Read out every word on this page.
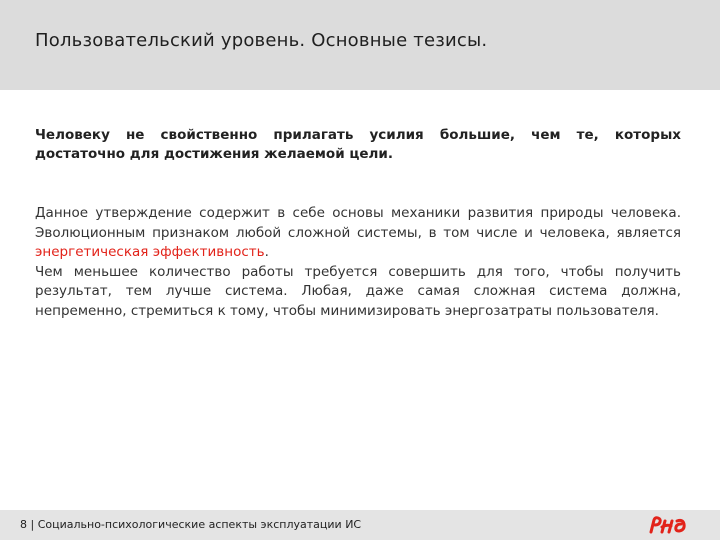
Пользовательский уровень. Основные тезисы.
Человеку не свойственно прилагать усилия большие, чем те, которых достаточно для достижения желаемой цели.

Данное утверждение содержит в себе основы механики развития природы человека. Эволюционным признаком любой сложной системы, в том числе и человека, является энергетическая эффективность.

Чем меньшее количество работы требуется совершить для того, чтобы получить результат, тем лучше система. Любая, даже самая сложная система должна, непременно, стремиться к тому, чтобы минимизировать энергозатраты пользователя.

8 | Социально-психологические аспекты эксплуатации ИС
